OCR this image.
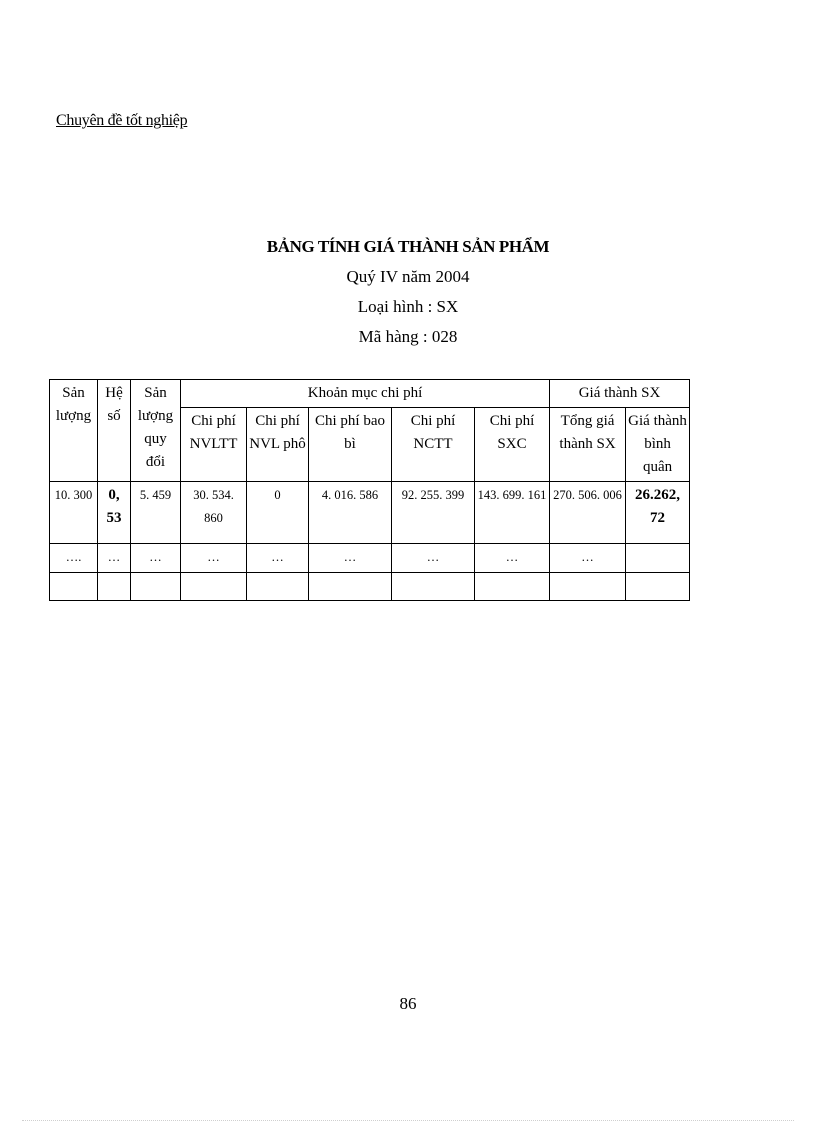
Chuyên đề tốt nghiệp
BẢNG TÍNH GIÁ THÀNH SẢN PHẨM
Quý IV năm 2004
Loại hình : SX
Mã hàng : 028
Sản lượng	Hệ số	Sản lượng quy đổi	Khoản mục chi phí					Giá thành SX	
			Chi phí NVLTT	Chi phí NVL phô	Chi phí bao bì	Chi phí NCTT	Chi phí SXC	Tổng giá thành SX	Giá thành bình quân
10. 300	0, 53	5. 459	30. 534. 860	0	4. 016. 586	92. 255. 399	143. 699. 161	270. 506. 006	26.262, 72
….	…	…	…	…	…	…	…	…	

86
